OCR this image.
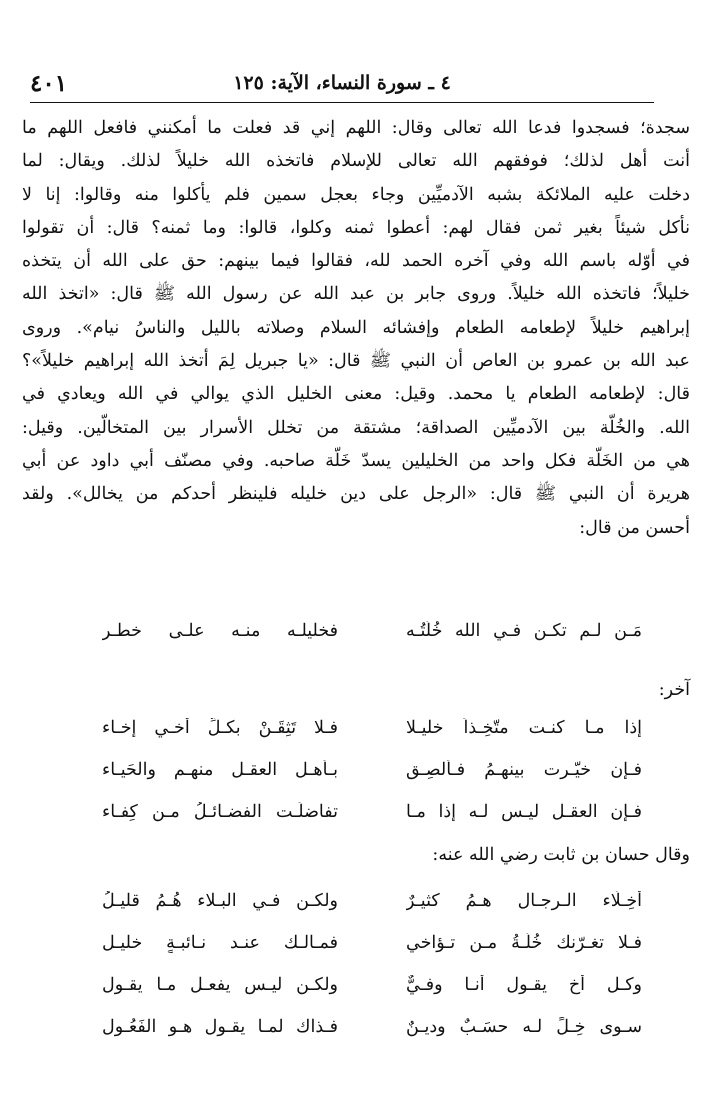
٤ ـ سورة النساء، الآية: ١٢٥
٤٠١
سجدة؛ فسجدوا فدعا الله تعالى وقال: اللهم إني قد فعلت ما أمكنني فافعل اللهم ما
أنت أهل لذلك؛ فوفقهم الله تعالى للإسلام فاتخذه الله خليلاً لذلك. ويقال: لما
دخلت عليه الملائكة بشبه الآدميِّين وجاء بعجل سمين فلم يأكلوا منه وقالوا: إنا لا
نأكل شيئاً بغير ثمن فقال لهم: أعطوا ثمنه وكلوا، قالوا: وما ثمنه؟ قال: أن تقولوا
في أوّله باسم الله وفي آخره الحمد لله، فقالوا فيما بينهم: حق على الله أن يتخذه
خليلاً؛ فاتخذه الله خليلاً. وروى جابر بن عبد الله عن رسول الله ﷺ قال: «اتخذ الله
إبراهيم خليلاً لإطعامه الطعام وإفشائه السلام وصلاته بالليل والناسُ نيام». وروى
عبد الله بن عمرو بن العاص أن النبي ﷺ قال: «يا جبريل لِمَ أتخذ الله إبراهيم خليلاً»؟
قال: لإطعامه الطعام يا محمد. وقيل: معنى الخليل الذي يوالي في الله ويعادي في
الله. والخُلّة بين الآدميِّين الصداقة؛ مشتقة من تخلل الأسرار بين المتخالّين. وقيل:
هي من الخَلّة فكل واحد من الخليلين يسدّ خَلّة صاحبه. وفي مصنّف أبي داود عن أبي
هريرة أن النبي ﷺ قال: «الرجل على دين خليله فلينظر أحدكم من يخالل». ولقد
أحسن من قال:
مَـن لـم تكـن فـي الله خُلّتُـه
فخليلـه منـه علـى خطـر
آخر:
إذا مـا كنـت متّخِـذاً خليـلا
فـلا تَثِقَـنْ بكـلِّ أخـي إخـاء
فـإن خيّـرت بينهـمُ فـألصِـق
بـأهـل العقـل منهـم والحَيـاء
فـإن العقـل ليـس لـه إذا مـا
تفاضلَـت الفضـائـلُ مـن كِفـاء
وقال حسان بن ثابت رضي الله عنه:
أخِـلّاء الـرجـال هـمُ كثيـرٌ
ولكـن فـي البـلاء هُـمُ قليـلُ
فـلا تغـرّنك خُلّـةُ مـن تـؤاخي
فمـالـك عنـد نـائبـةٍ خليـل
وكـل أخٍ يقـول أنـا وفـيٌّ
ولكـن ليـس يفعـل مـا يقـول
سـوى خِـلٍّ لـه حسَـبٌ وديـنٌ
فـذاك لمـا يقـول هـو الفَعُـول
